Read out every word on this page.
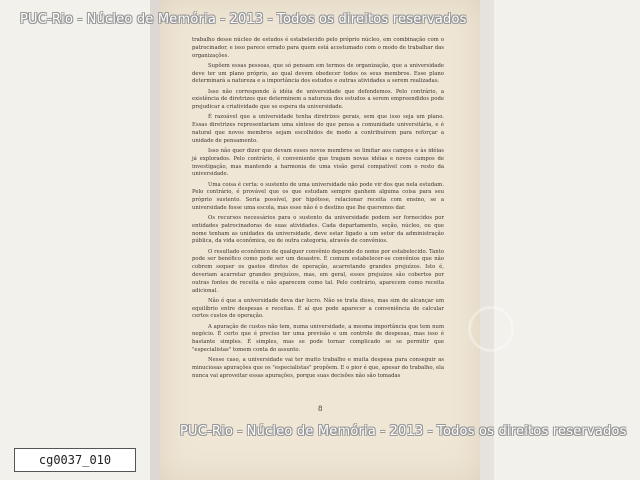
PUC-Rio - Núcleo de Memória - 2013 - Todos os direitos reservados

trabalho desse núcleo de estudos é estabelecido pelo próprio núcleo, em combinação com o patrocinador, e isso parece errado para quem está acostumado com o modo de trabalhar das organizações.

Supõem essas pessoas, que só pensam em termos de organização, que a universidade deve ter um plano próprio, ao qual devem obedecer todos os seus membros. Esse plano determinará a natureza e a importância dos estudos e outras atividades a serem realizadas.

Isso não corresponde à idéia de universidade que defendemos. Pelo contrário, a existência de diretrizes que determinem a natureza dos estudos a serem empreendidos pode prejudicar a criatividade que se espera da universidade.

É razoável que a universidade tenha diretrizes gerais, sem que isso seja um plano. Essas diretrizes representariam uma síntese do que pensa a comunidade universitária, e é natural que novos membros sejam escolhidos de modo a contribuírem para reforçar a unidade de pensamento.

Isso não quer dizer que devam esses novos membros se limitar aos campos e às idéias já explorados. Pelo contrário, é conveniente que tragam novas idéias e novos campos de investigação, mas mantendo a harmonia de uma visão geral compatível com o resto da universidade.

Uma coisa é certa: o sustento de uma universidade não pode vir dos que nela estudam. Pelo contrário, é provável que os que estudam sempre ganhem alguma coisa para seu próprio sustento. Seria possível, por hipótese, relacionar receita com ensino, se a universidade fosse uma escola, mas esse não é o destino que lhe queremos dar.

Os recursos necessários para o sustento da universidade podem ser fornecidos por entidades patrocinadoras de suas atividades. Cada departamento, seção, núcleo, ou que nome tenham as unidades da universidade, deve estar ligado a um setor da administração pública, da vida econômica, ou de outra categoria, através de convênios.

O resultado econômico de qualquer convênio depende do nome por estabelecido. Tanto pode ser benéfico como pode ser um desastre. É comum estabelecer-se convênios que não cobrem sequer os gastos diretos de operação, acarretando grandes prejuízos. Isto é, deveriam acarretar grandes prejuízos, mas, em geral, esses prejuízos são cobertos por outras fontes de receita e não aparecem como tal. Pelo contrário, aparecem como receita adicional.

Não é que a universidade deva dar lucro. Não se trata disso, mas sim de alcançar um equilíbrio entre despesas e receitas. É aí que pode aparecer a conveniência de calcular certos custos de operação.

A apuração de custos não tem, numa universidade, a mesma importância que tem num negócio. É certo que é preciso ter uma previsão e um controle de despesas, mas isso é bastante simples. É simples, mas se pode tornar complicado se se permitir que "especialistas" tomem conta do assunto.

Nesse caso, a universidade vai ter muito trabalho e muita despesa para conseguir as minuciosas apurações que os "especialistas" propõem. E o pior é que, apesar do trabalho, ela nunca vai aproveitar essas apurações, porque suas decisões não são tomadas

8
cg0037_010
PUC-Rio - Núcleo de Memória - 2013 - Todos os direitos reservados
